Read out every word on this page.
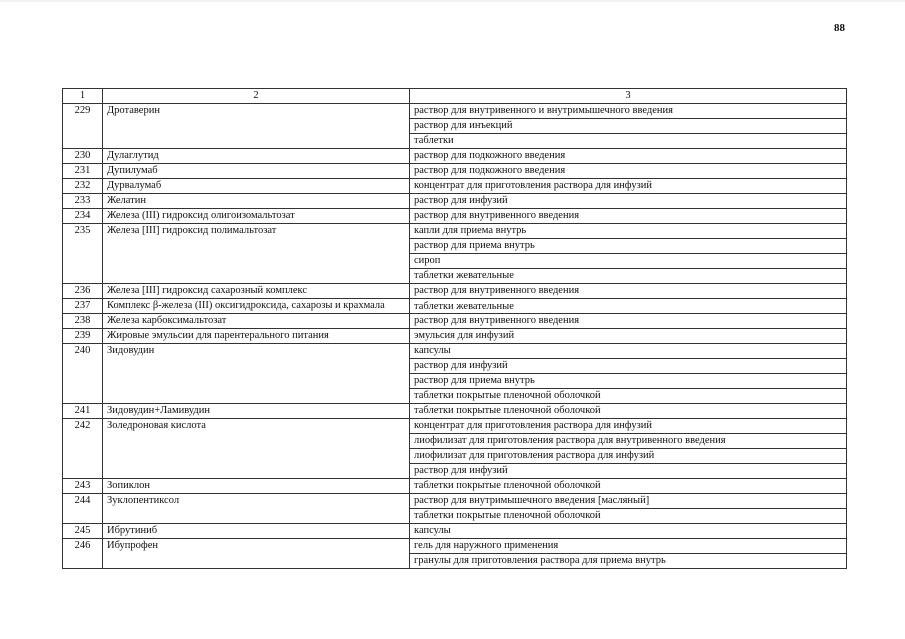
88
1	2	3
229	Дротаверин	раствор для внутривенного и внутримышечного введения
		раствор для инъекций
		таблетки
230	Дулаглутид	раствор для подкожного введения
231	Дупилумаб	раствор для подкожного введения
232	Дурвалумаб	концентрат для приготовления раствора для инфузий
233	Желатин	раствор для инфузий
234	Железа (III) гидроксид олигоизомальтозат	раствор для внутривенного введения
235	Железа [III] гидроксид полимальтозат	капли для приема внутрь
		раствор для приема внутрь
		сироп
		таблетки жевательные
236	Железа [III] гидроксид сахарозный комплекс	раствор для внутривенного введения
237	Комплекс β-железа (III) оксигидроксида, сахарозы и крахмала	таблетки жевательные
238	Железа карбоксимальтозат	раствор для внутривенного введения
239	Жировые эмульсии для парентерального питания	эмульсия для инфузий
240	Зидовудин	капсулы
		раствор для инфузий
		раствор для приема внутрь
		таблетки покрытые пленочной оболочкой
241	Зидовудин+Ламивудин	таблетки покрытые пленочной оболочкой
242	Золедроновая кислота	концентрат для приготовления раствора для инфузий
		лиофилизат для приготовления раствора для внутривенного введения
		лиофилизат для приготовления раствора для инфузий
		раствор для инфузий
243	Зопиклон	таблетки покрытые пленочной оболочкой
244	Зуклопентиксол	раствор для внутримышечного введения [масляный]
		таблетки покрытые пленочной оболочкой
245	Ибрутиниб	капсулы
246	Ибупрофен	гель для наружного применения
		гранулы для приготовления раствора для приема внутрь
